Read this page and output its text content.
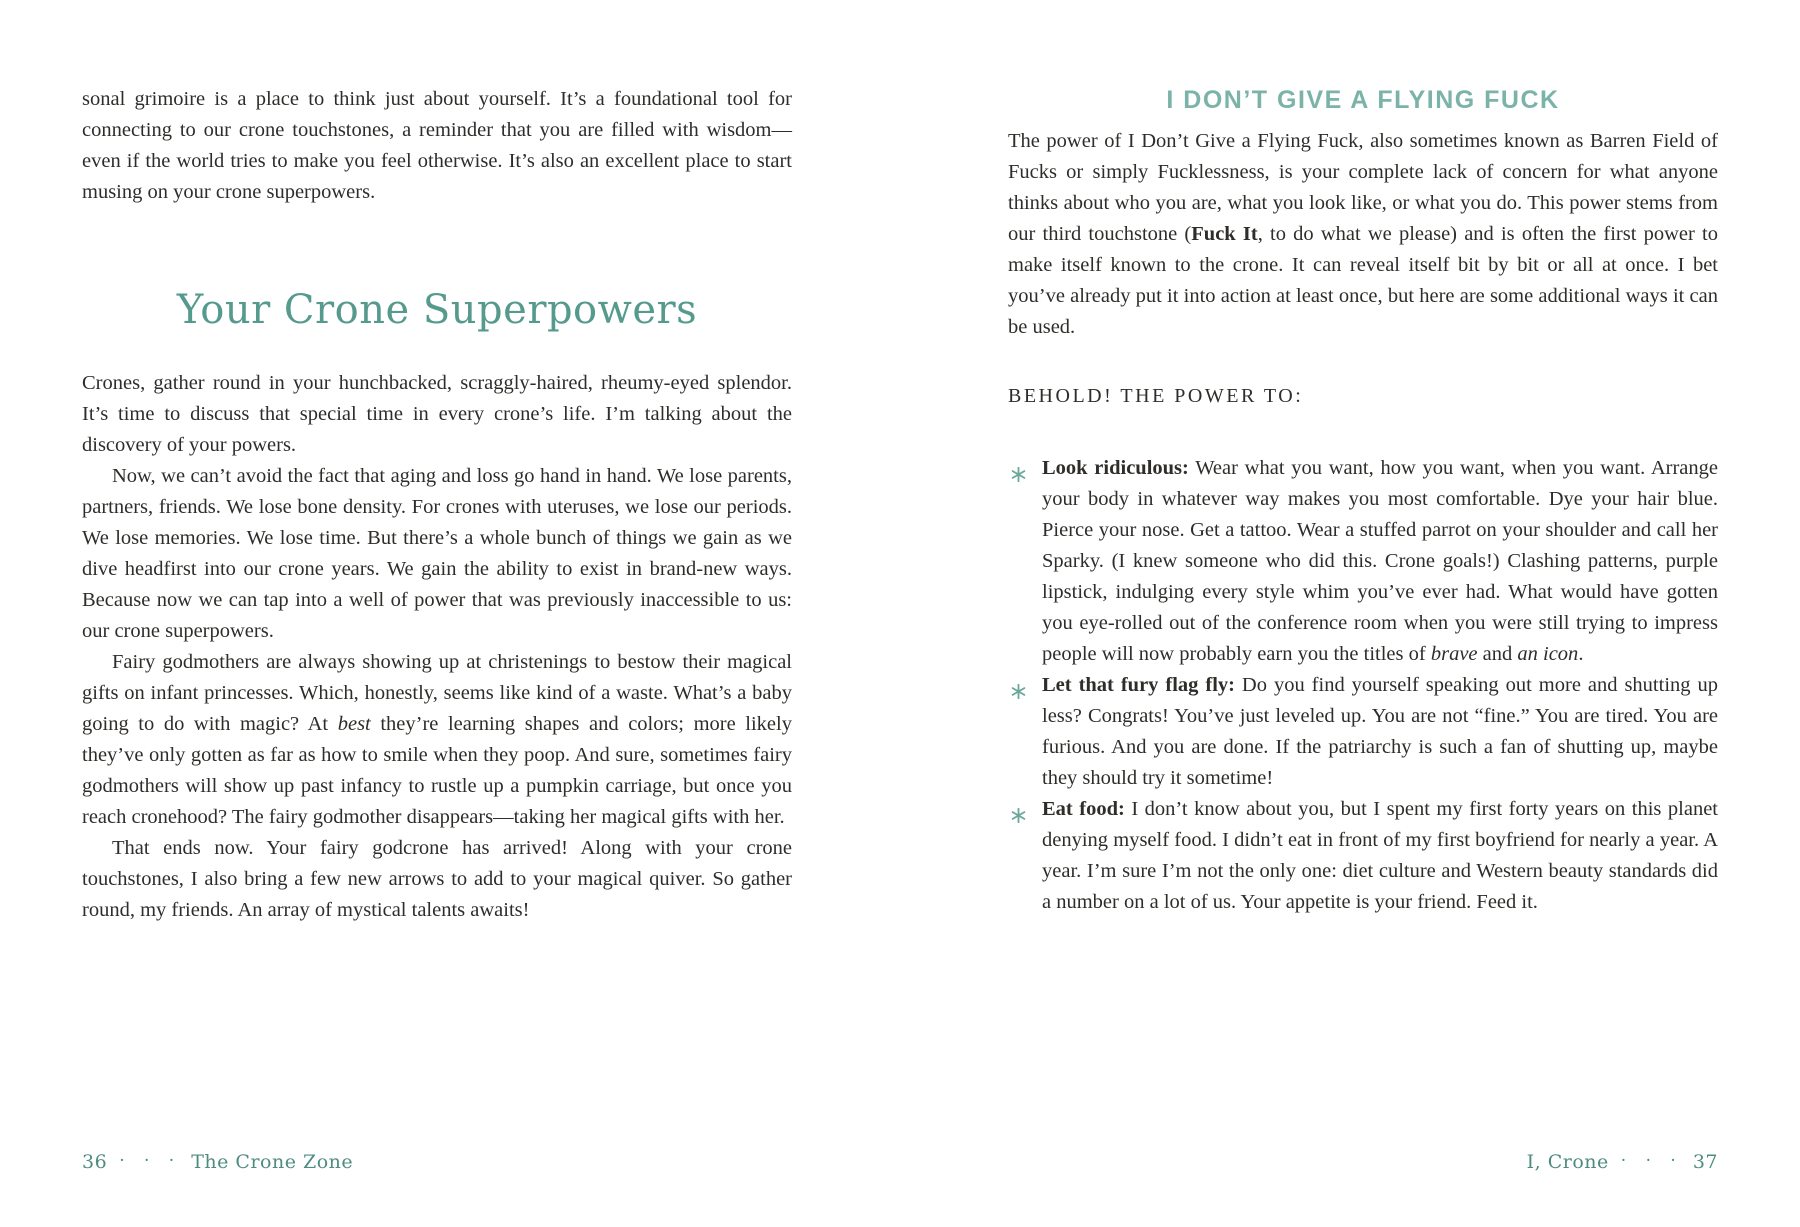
sonal grimoire is a place to think just about yourself. It’s a foundational tool for connecting to our crone touchstones, a reminder that you are filled with wisdom—even if the world tries to make you feel otherwise. It’s also an excellent place to start musing on your crone superpowers.

Your Crone Superpowers

Crones, gather round in your hunchbacked, scraggly-haired, rheumy-eyed splendor. It’s time to discuss that special time in every crone’s life. I’m talking about the discovery of your powers.

Now, we can’t avoid the fact that aging and loss go hand in hand. We lose parents, partners, friends. We lose bone density. For crones with uteruses, we lose our periods. We lose memories. We lose time. But there’s a whole bunch of things we gain as we dive headfirst into our crone years. We gain the ability to exist in brand-new ways. Because now we can tap into a well of power that was previously inaccessible to us: our crone superpowers.

Fairy godmothers are always showing up at christenings to bestow their magical gifts on infant princesses. Which, honestly, seems like kind of a waste. What’s a baby going to do with magic? At best they’re learning shapes and colors; more likely they’ve only gotten as far as how to smile when they poop. And sure, sometimes fairy godmothers will show up past infancy to rustle up a pumpkin carriage, but once you reach cronehood? The fairy godmother disappears—taking her magical gifts with her.

That ends now. Your fairy godcrone has arrived! Along with your crone touchstones, I also bring a few new arrows to add to your magical quiver. So gather round, my friends. An array of mystical talents awaits!

I DON’T GIVE A FLYING FUCK

The power of I Don’t Give a Flying Fuck, also sometimes known as Barren Field of Fucks or simply Fucklessness, is your complete lack of concern for what anyone thinks about who you are, what you look like, or what you do. This power stems from our third touchstone (Fuck It, to do what we please) and is often the first power to make itself known to the crone. It can reveal itself bit by bit or all at once. I bet you’ve already put it into action at least once, but here are some additional ways it can be used.

BEHOLD! THE POWER TO:

Look ridiculous: Wear what you want, how you want, when you want. Arrange your body in whatever way makes you most comfortable. Dye your hair blue. Pierce your nose. Get a tattoo. Wear a stuffed parrot on your shoulder and call her Sparky. (I knew someone who did this. Crone goals!) Clashing patterns, purple lipstick, indulging every style whim you’ve ever had. What would have gotten you eye-rolled out of the conference room when you were still trying to impress people will now probably earn you the titles of brave and an icon.
Let that fury flag fly: Do you find yourself speaking out more and shutting up less? Congrats! You’ve just leveled up. You are not “fine.” You are tired. You are furious. And you are done. If the patriarchy is such a fan of shutting up, maybe they should try it sometime!
Eat food: I don’t know about you, but I spent my first forty years on this planet denying myself food. I didn’t eat in front of my first boyfriend for nearly a year. A year. I’m sure I’m not the only one: diet culture and Western beauty standards did a number on a lot of us. Your appetite is your friend. Feed it.
36 · · · The Crone Zone	I, Crone · · · 37
